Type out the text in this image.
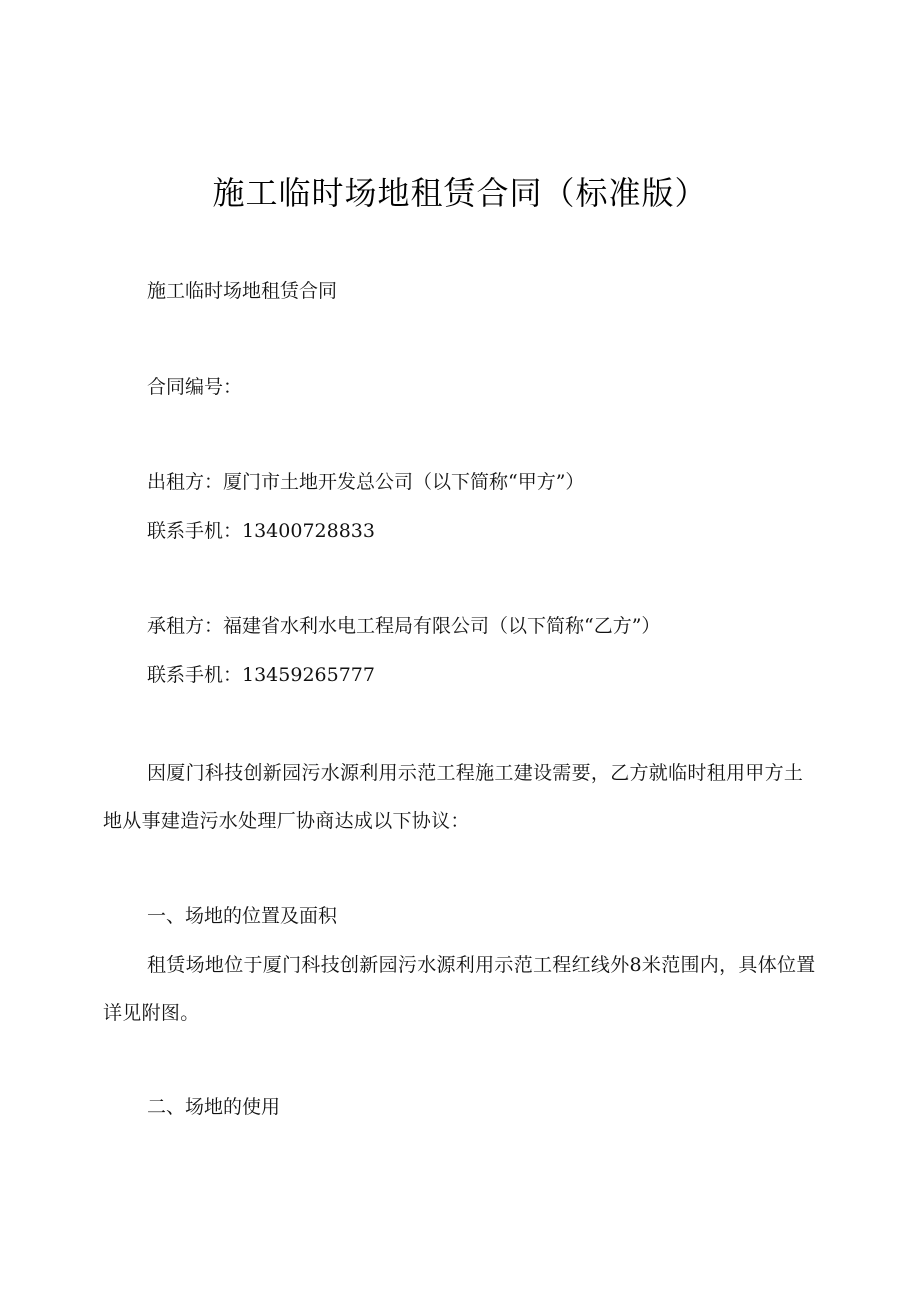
施工临时场地租赁合同（标准版）

施工临时场地租赁合同

合同编号：

出租方：厦门市土地开发总公司（以下简称“甲方”）

联系手机：13400728833

承租方：福建省水利水电工程局有限公司（以下简称“乙方”）

联系手机：13459265777

因厦门科技创新园污水源利用示范工程施工建设需要，乙方就临时租用甲方土地从事建造污水处理厂协商达成以下协议：

一、场地的位置及面积

租赁场地位于厦门科技创新园污水源利用示范工程红线外8米范围内，具体位置详见附图。

二、场地的使用
